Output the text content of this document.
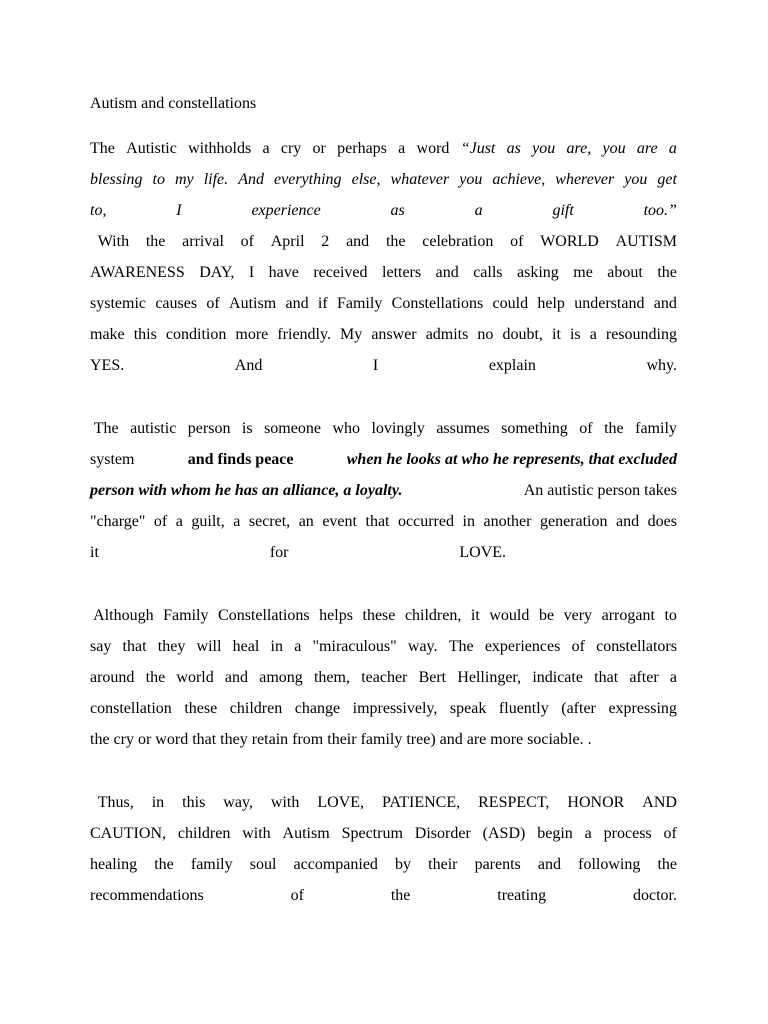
Autism and constellations
The Autistic withholds a cry or perhaps a word “Just as you are, you are a
blessing to my life. And everything else, whatever you achieve, wherever you get
to,	I	experience	as	a	gift	too.”
With the arrival of April 2 and the celebration of WORLD AUTISM
AWARENESS DAY, I have received letters and calls asking me about the
systemic causes of Autism and if Family Constellations could help understand and
make this condition more friendly. My answer admits no doubt, it is a resounding
YES.	And	I	explain	why.
The autistic person is someone who lovingly assumes something of the family
system	and finds peace	when he looks at who he represents, that excluded
person with whom he has an alliance, a loyalty.	An autistic person takes
"charge" of a guilt, a secret, an event that occurred in another generation and does
it	for	LOVE.
Although Family Constellations helps these children, it would be very arrogant to
say that they will heal in a "miraculous" way. The experiences of constellators
around the world and among them, teacher Bert Hellinger, indicate that after a
constellation these children change impressively, speak fluently (after expressing
the cry or word that they retain from their family tree) and are more sociable. .
Thus, in this way, with LOVE, PATIENCE, RESPECT, HONOR AND
CAUTION, children with Autism Spectrum Disorder (ASD) begin a process of
healing the family soul accompanied by their parents and following the
recommendations	of	the	treating	doctor.
